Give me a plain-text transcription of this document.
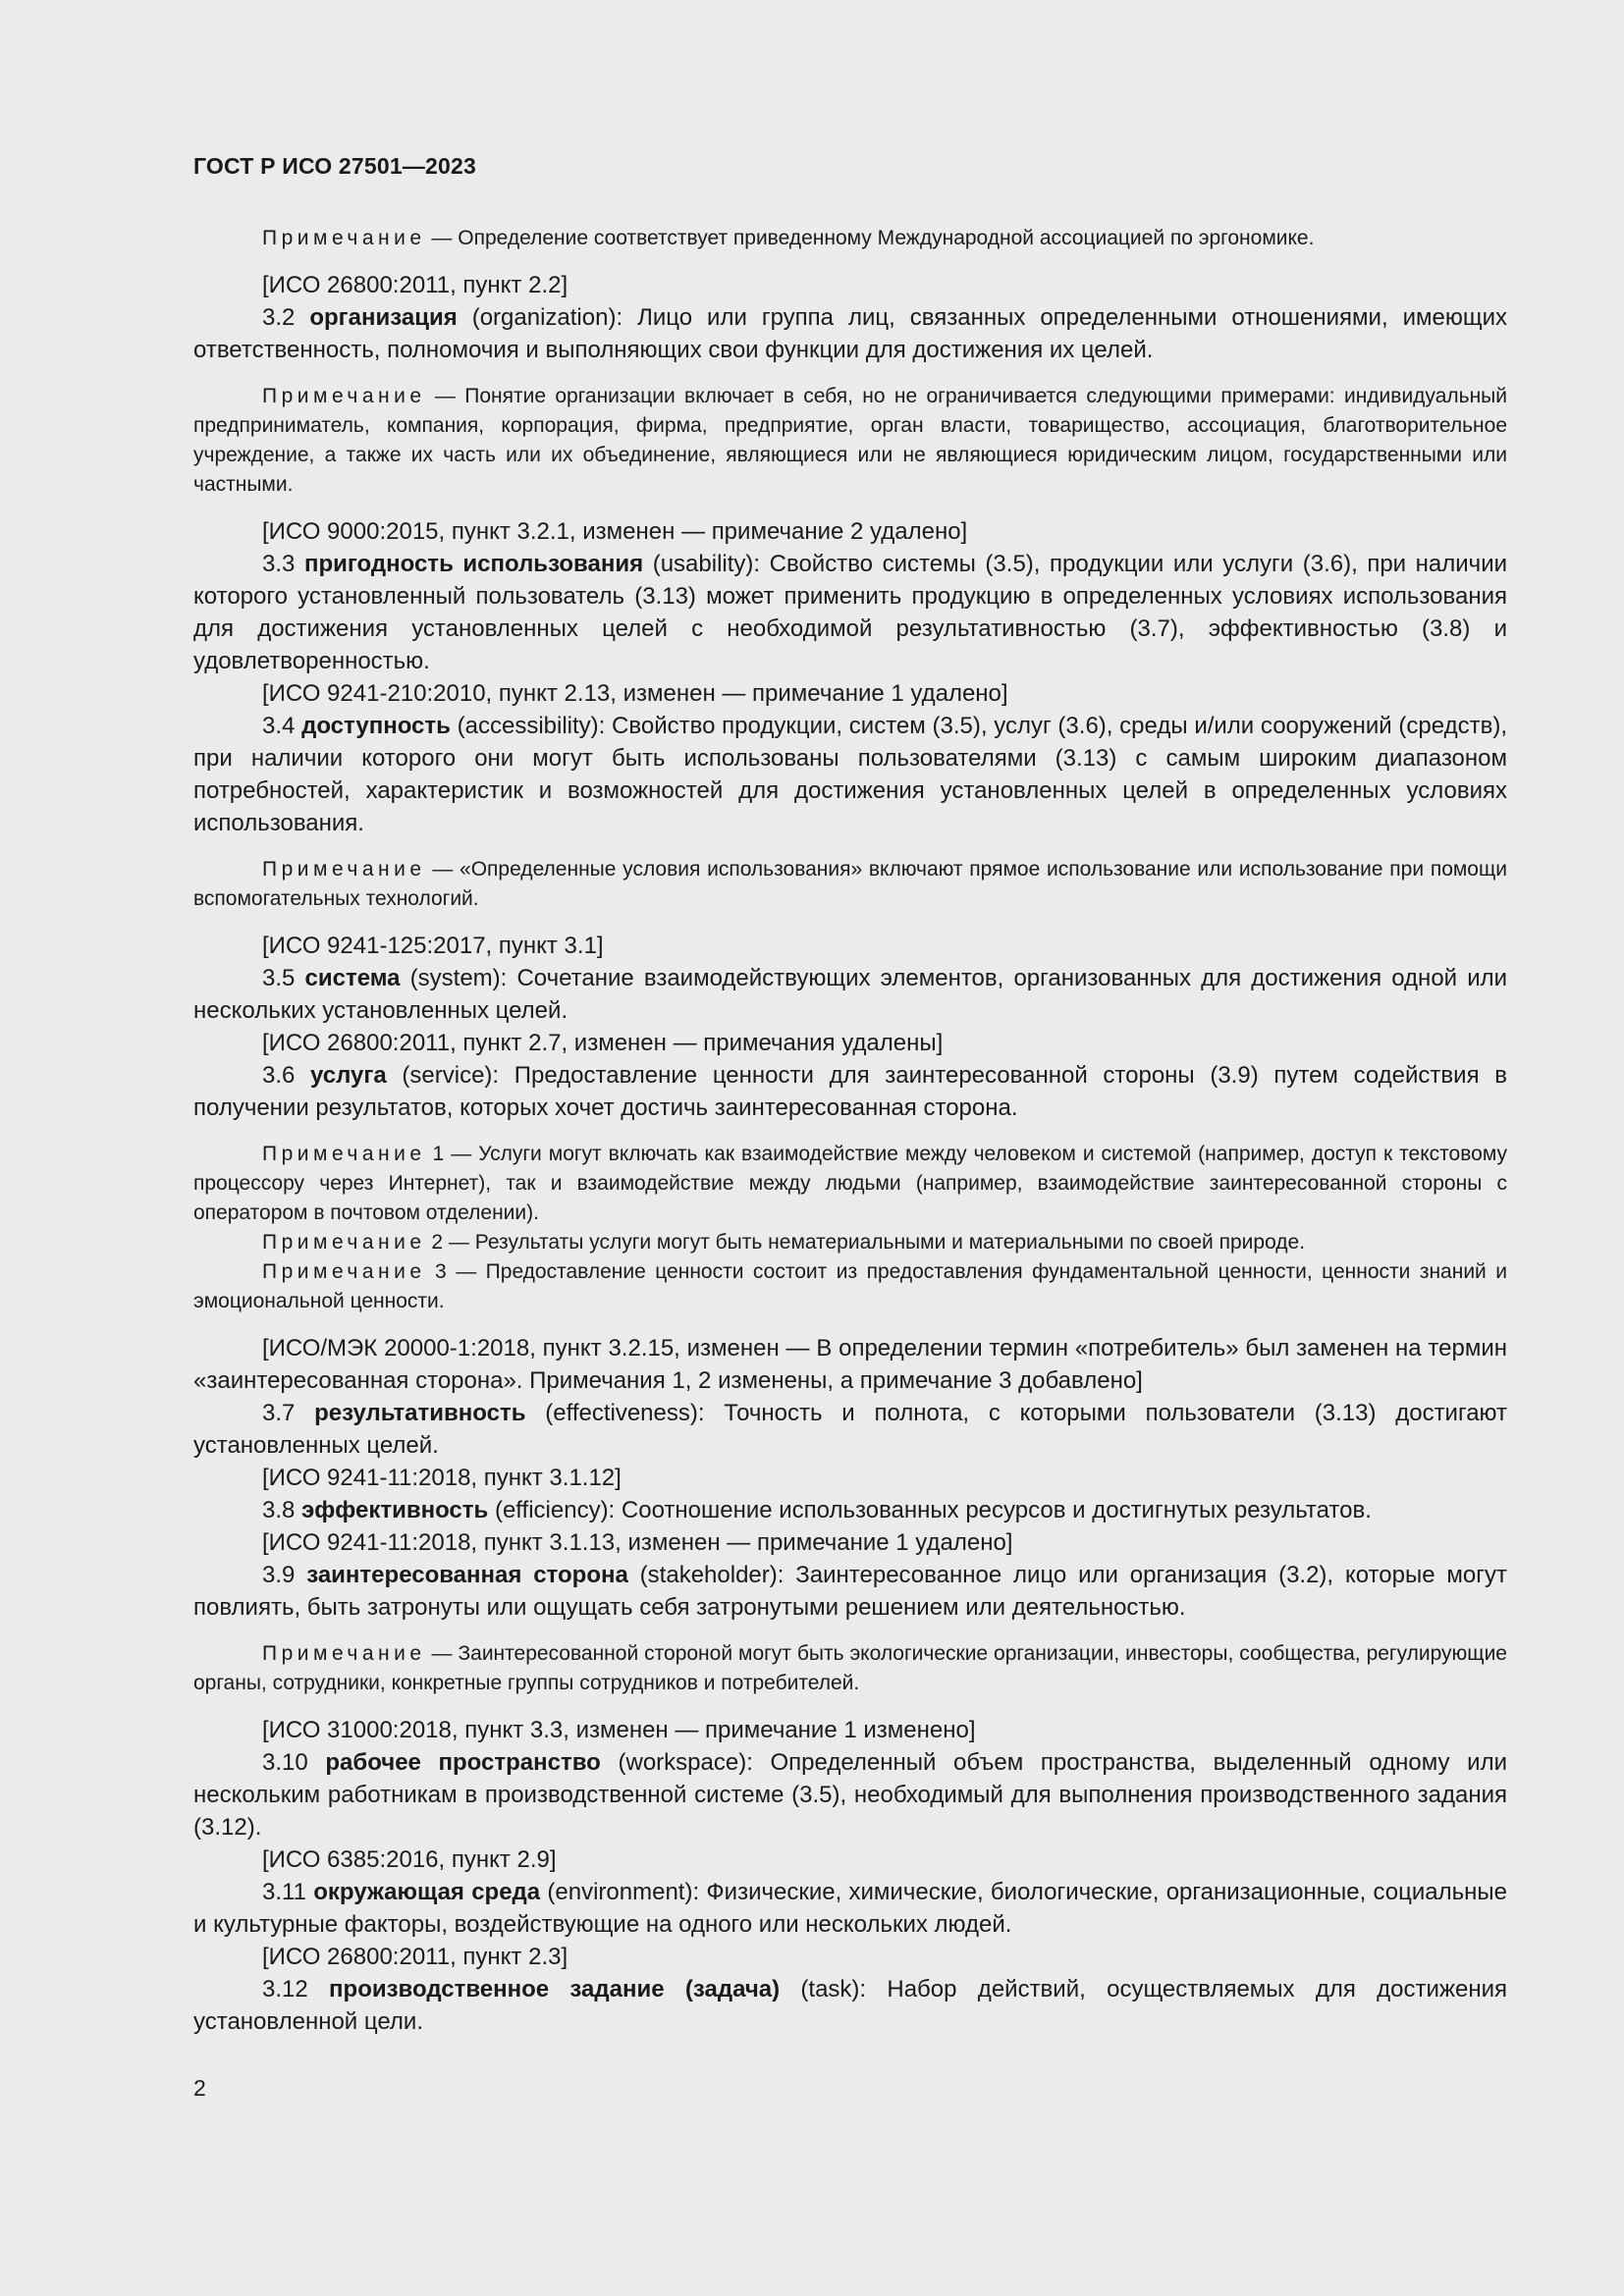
ГОСТ Р ИСО 27501—2023

Примечание — Определение соответствует приведенному Международной ассоциацией по эргономике.

[ИСО 26800:2011, пункт 2.2]

3.2 организация (organization): Лицо или группа лиц, связанных определенными отношениями, имеющих ответственность, полномочия и выполняющих свои функции для достижения их целей.

Примечание — Понятие организации включает в себя, но не ограничивается следующими примерами: индивидуальный предприниматель, компания, корпорация, фирма, предприятие, орган власти, товарищество, ассоциация, благотворительное учреждение, а также их часть или их объединение, являющиеся или не являющиеся юридическим лицом, государственными или частными.

[ИСО 9000:2015, пункт 3.2.1, изменен — примечание 2 удалено]

3.3 пригодность использования (usability): Свойство системы (3.5), продукции или услуги (3.6), при наличии которого установленный пользователь (3.13) может применить продукцию в определенных условиях использования для достижения установленных целей с необходимой результативностью (3.7), эффективностью (3.8) и удовлетворенностью.

[ИСО 9241-210:2010, пункт 2.13, изменен — примечание 1 удалено]

3.4 доступность (accessibility): Свойство продукции, систем (3.5), услуг (3.6), среды и/или сооружений (средств), при наличии которого они могут быть использованы пользователями (3.13) с самым широким диапазоном потребностей, характеристик и возможностей для достижения установленных целей в определенных условиях использования.

Примечание — «Определенные условия использования» включают прямое использование или использование при помощи вспомогательных технологий.

[ИСО 9241-125:2017, пункт 3.1]

3.5 система (system): Сочетание взаимодействующих элементов, организованных для достижения одной или нескольких установленных целей.

[ИСО 26800:2011, пункт 2.7, изменен — примечания удалены]

3.6 услуга (service): Предоставление ценности для заинтересованной стороны (3.9) путем содействия в получении результатов, которых хочет достичь заинтересованная сторона.

Примечание 1 — Услуги могут включать как взаимодействие между человеком и системой (например, доступ к текстовому процессору через Интернет), так и взаимодействие между людьми (например, взаимодействие заинтересованной стороны с оператором в почтовом отделении).

Примечание 2 — Результаты услуги могут быть нематериальными и материальными по своей природе.

Примечание 3 — Предоставление ценности состоит из предоставления фундаментальной ценности, ценности знаний и эмоциональной ценности.

[ИСО/МЭК 20000-1:2018, пункт 3.2.15, изменен — В определении термин «потребитель» был заменен на термин «заинтересованная сторона». Примечания 1, 2 изменены, а примечание 3 добавлено]

3.7 результативность (effectiveness): Точность и полнота, с которыми пользователи (3.13) достигают установленных целей.

[ИСО 9241-11:2018, пункт 3.1.12]

3.8 эффективность (efficiency): Соотношение использованных ресурсов и достигнутых результатов.

[ИСО 9241-11:2018, пункт 3.1.13, изменен — примечание 1 удалено]

3.9 заинтересованная сторона (stakeholder): Заинтересованное лицо или организация (3.2), которые могут повлиять, быть затронуты или ощущать себя затронутыми решением или деятельностью.

Примечание — Заинтересованной стороной могут быть экологические организации, инвесторы, сообщества, регулирующие органы, сотрудники, конкретные группы сотрудников и потребителей.

[ИСО 31000:2018, пункт 3.3, изменен — примечание 1 изменено]

3.10 рабочее пространство (workspace): Определенный объем пространства, выделенный одному или нескольким работникам в производственной системе (3.5), необходимый для выполнения производственного задания (3.12).

[ИСО 6385:2016, пункт 2.9]

3.11 окружающая среда (environment): Физические, химические, биологические, организационные, социальные и культурные факторы, воздействующие на одного или нескольких людей.

[ИСО 26800:2011, пункт 2.3]

3.12 производственное задание (задача) (task): Набор действий, осуществляемых для достижения установленной цели.

2
